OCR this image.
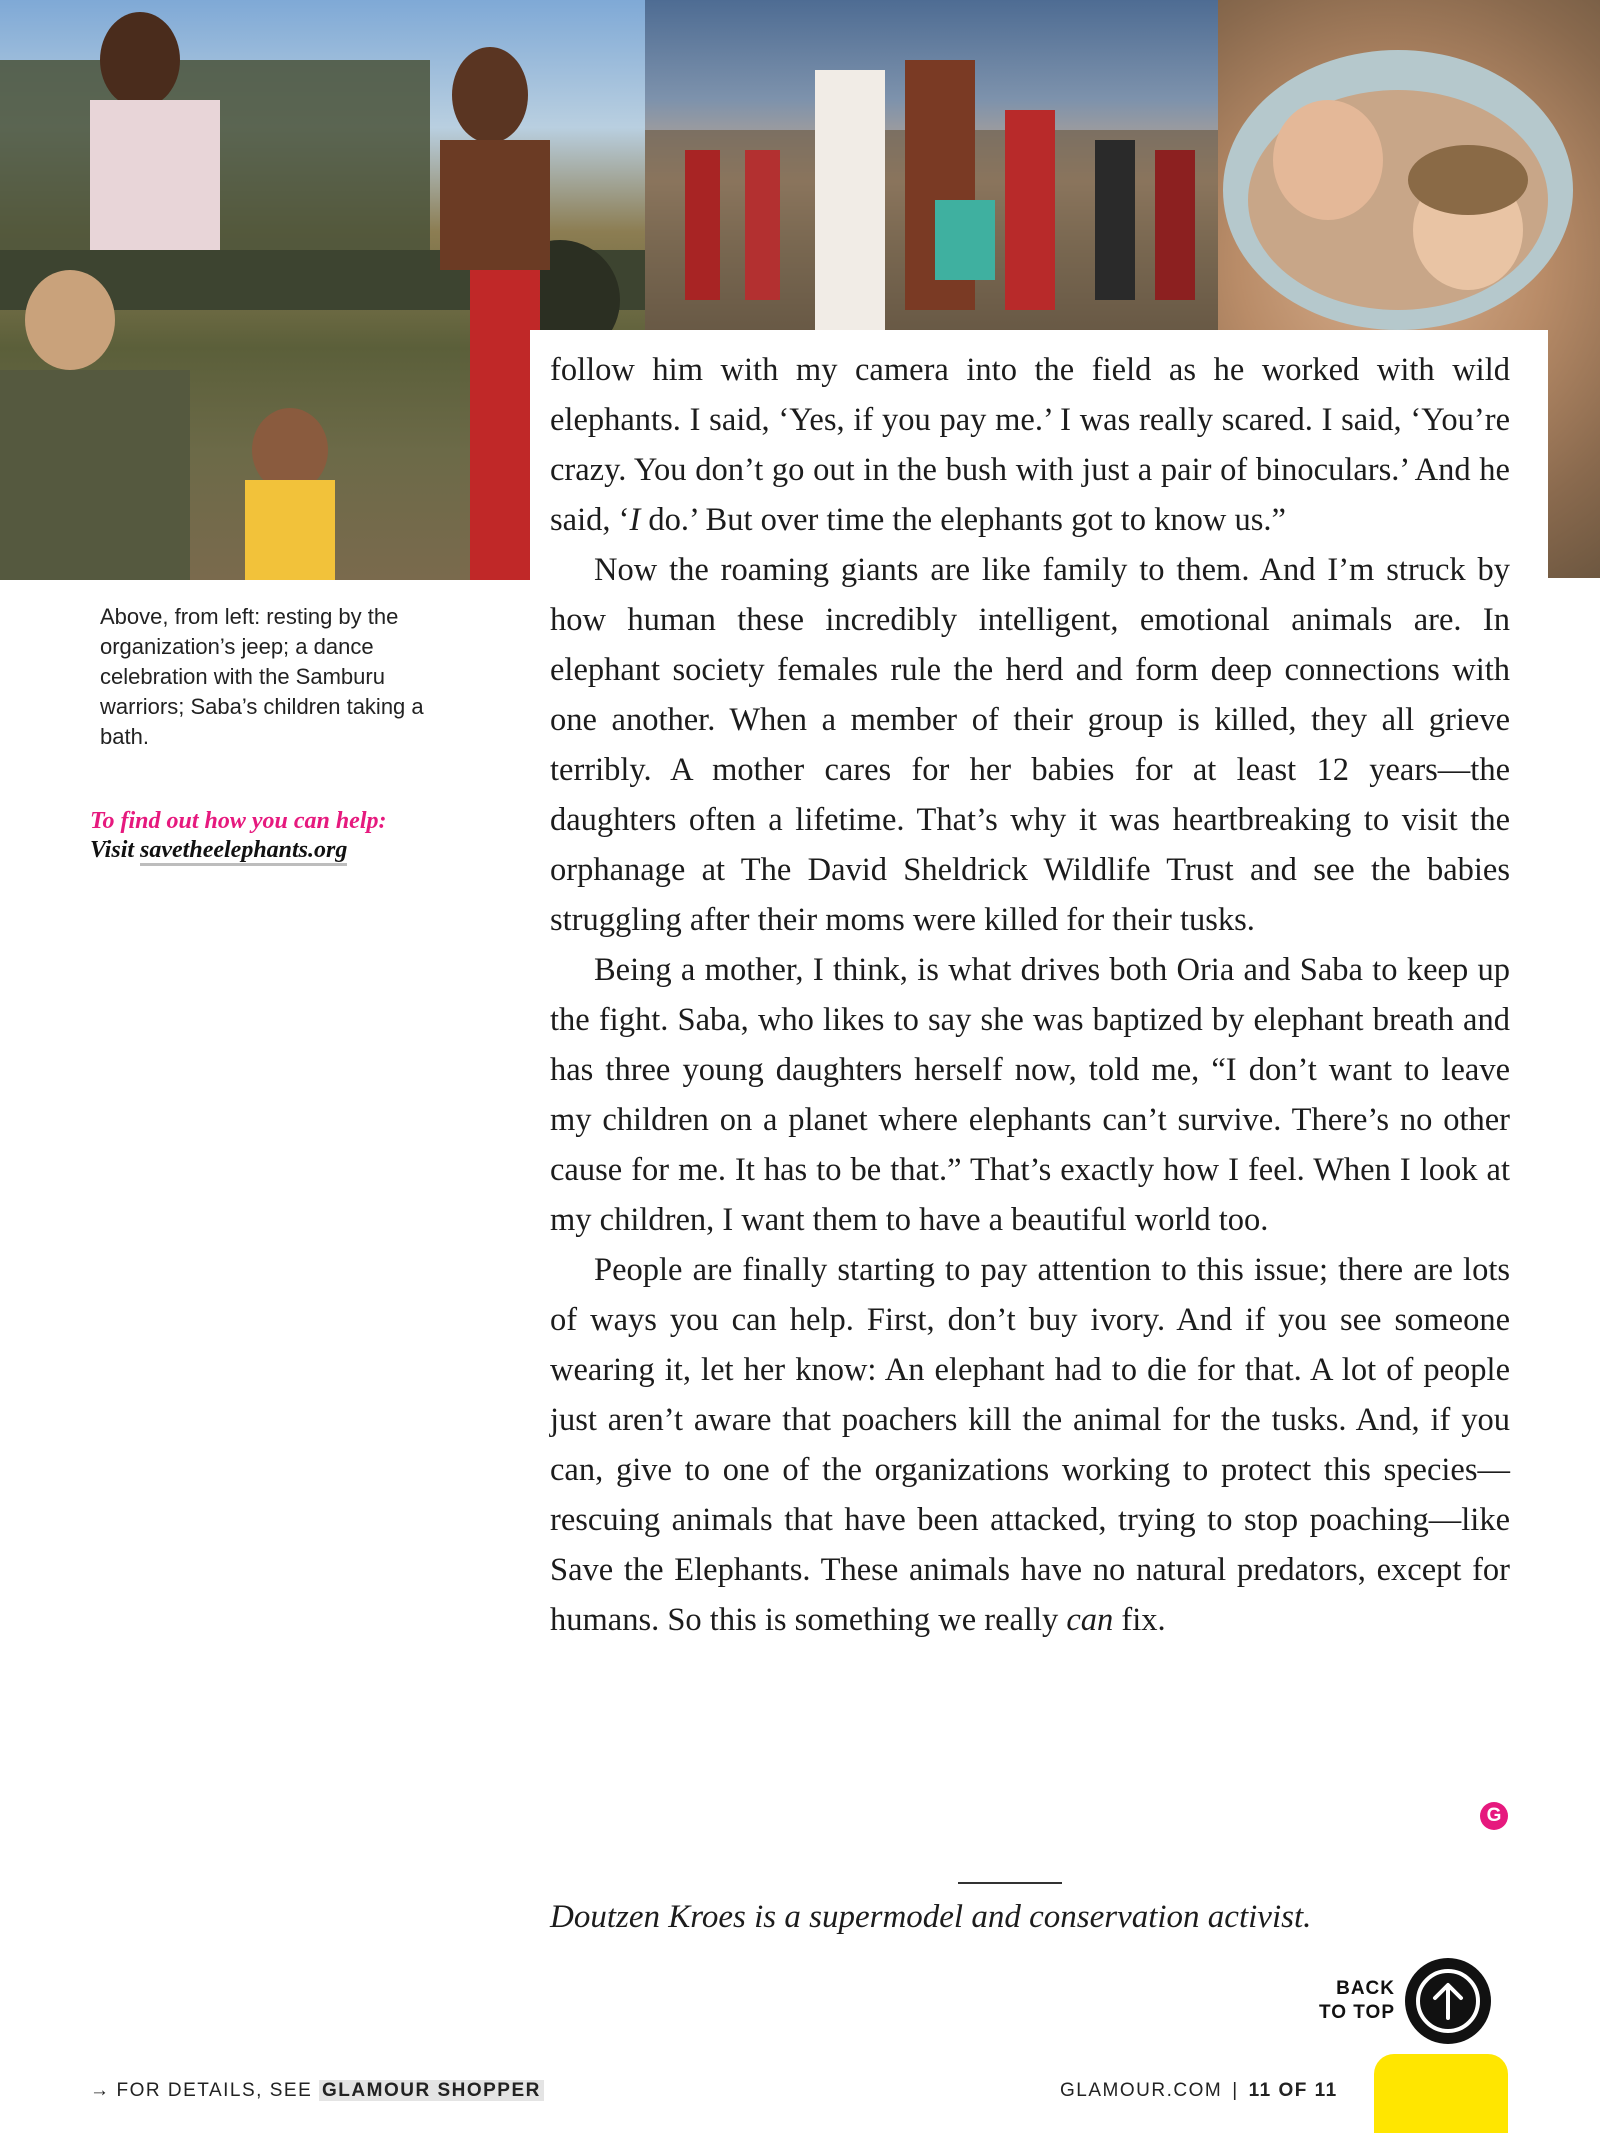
Above, from left: resting by the organization’s jeep; a dance celebration with the Samburu warriors; Saba’s children taking a bath.
To find out how you can help:
Visit savetheelephants.org

follow him with my camera into the field as he worked with wild elephants. I said, ‘Yes, if you pay me.’ I was really scared. I said, ‘You’re crazy. You don’t go out in the bush with just a pair of binoculars.’ And he said, ‘I do.’ But over time the elephants got to know us.”

Now the roaming giants are like family to them. And I’m struck by how human these incredibly intelligent, emotional animals are. In elephant society females rule the herd and form deep connections with one another. When a member of their group is killed, they all grieve terribly. A mother cares for her babies for at least 12 years—the daughters often a lifetime. That’s why it was heartbreaking to visit the orphanage at The David Sheldrick Wildlife Trust and see the babies struggling after their moms were killed for their tusks.

Being a mother, I think, is what drives both Oria and Saba to keep up the fight. Saba, who likes to say she was baptized by elephant breath and has three young daughters herself now, told me, “I don’t want to leave my children on a planet where elephants can’t survive. There’s no other cause for me. It has to be that.” That’s exactly how I feel. When I look at my children, I want them to have a beautiful world too.

People are finally starting to pay attention to this issue; there are lots of ways you can help. First, don’t buy ivory. And if you see someone wearing it, let her know: An elephant had to die for that. A lot of people just aren’t aware that poachers kill the animal for the tusks. And, if you can, give to one of the organizations working to protect this species—rescuing animals that have been attacked, trying to stop poaching—like Save the Elephants. These animals have no natural predators, except for humans. So this is something we really can fix.

G
Doutzen Kroes is a supermodel and conservation activist.
BACK
TO TOP
→ FOR DETAILS, SEE GLAMOUR SHOPPER	GLAMOUR.COM | 11 OF 11
